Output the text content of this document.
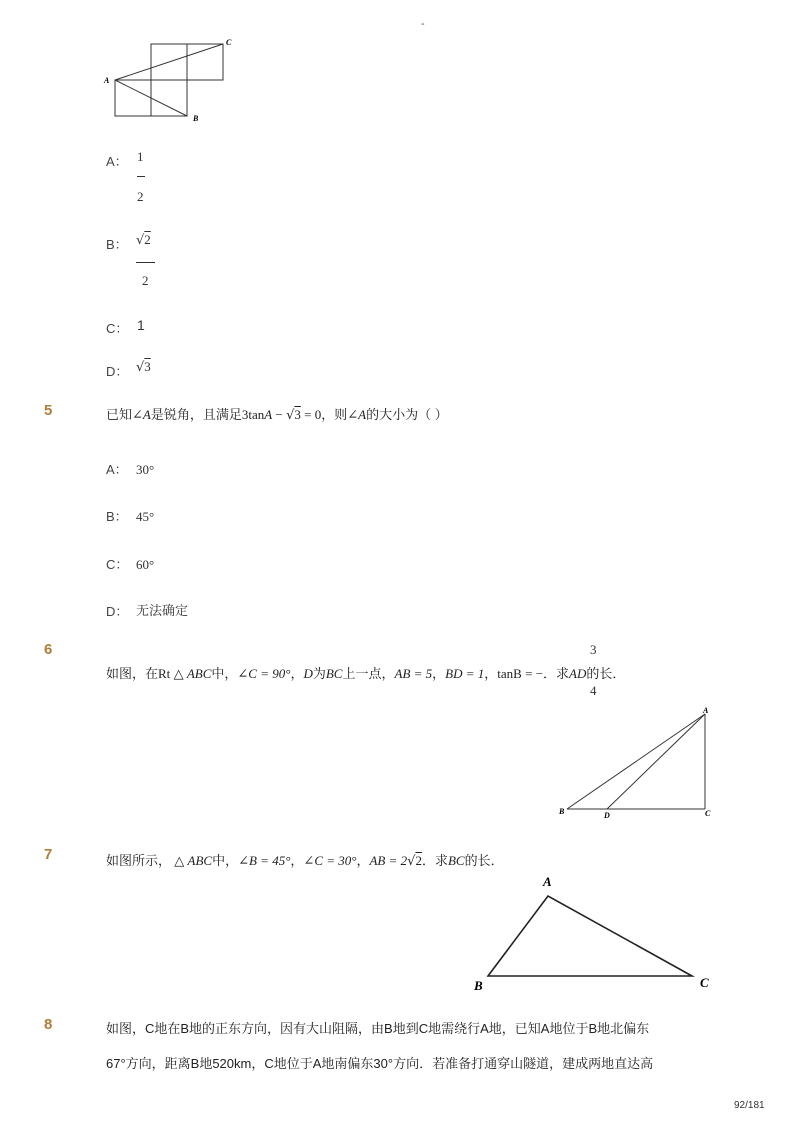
-
A
C
B
A： 1
2
B： √2
2
C： 1
D： √3
5	已知∠A是锐角，且满足3tanA − √3 = 0，则∠A的大小为（ ）
A： 30°
B： 45°
C： 60°
D： 无法确定
6	3
4
如图，在Rt △ ABC中，∠C = 90°，D为BC上一点，AB = 5，BD = 1，tanB = −．求AD的长．
A
B	D	C
7	如图所示， △ ABC中，∠B = 45°，∠C = 30°，AB = 2√2．求BC的长．
A
B	C
8	如图，C地在B地的正东方向，因有大山阻隔，由B地到C地需绕行A地，已知A地位于B地北偏东
67°方向，距离B地520km，C地位于A地南偏东30°方向．若准备打通穿山隧道，建成两地直达高
92/181
